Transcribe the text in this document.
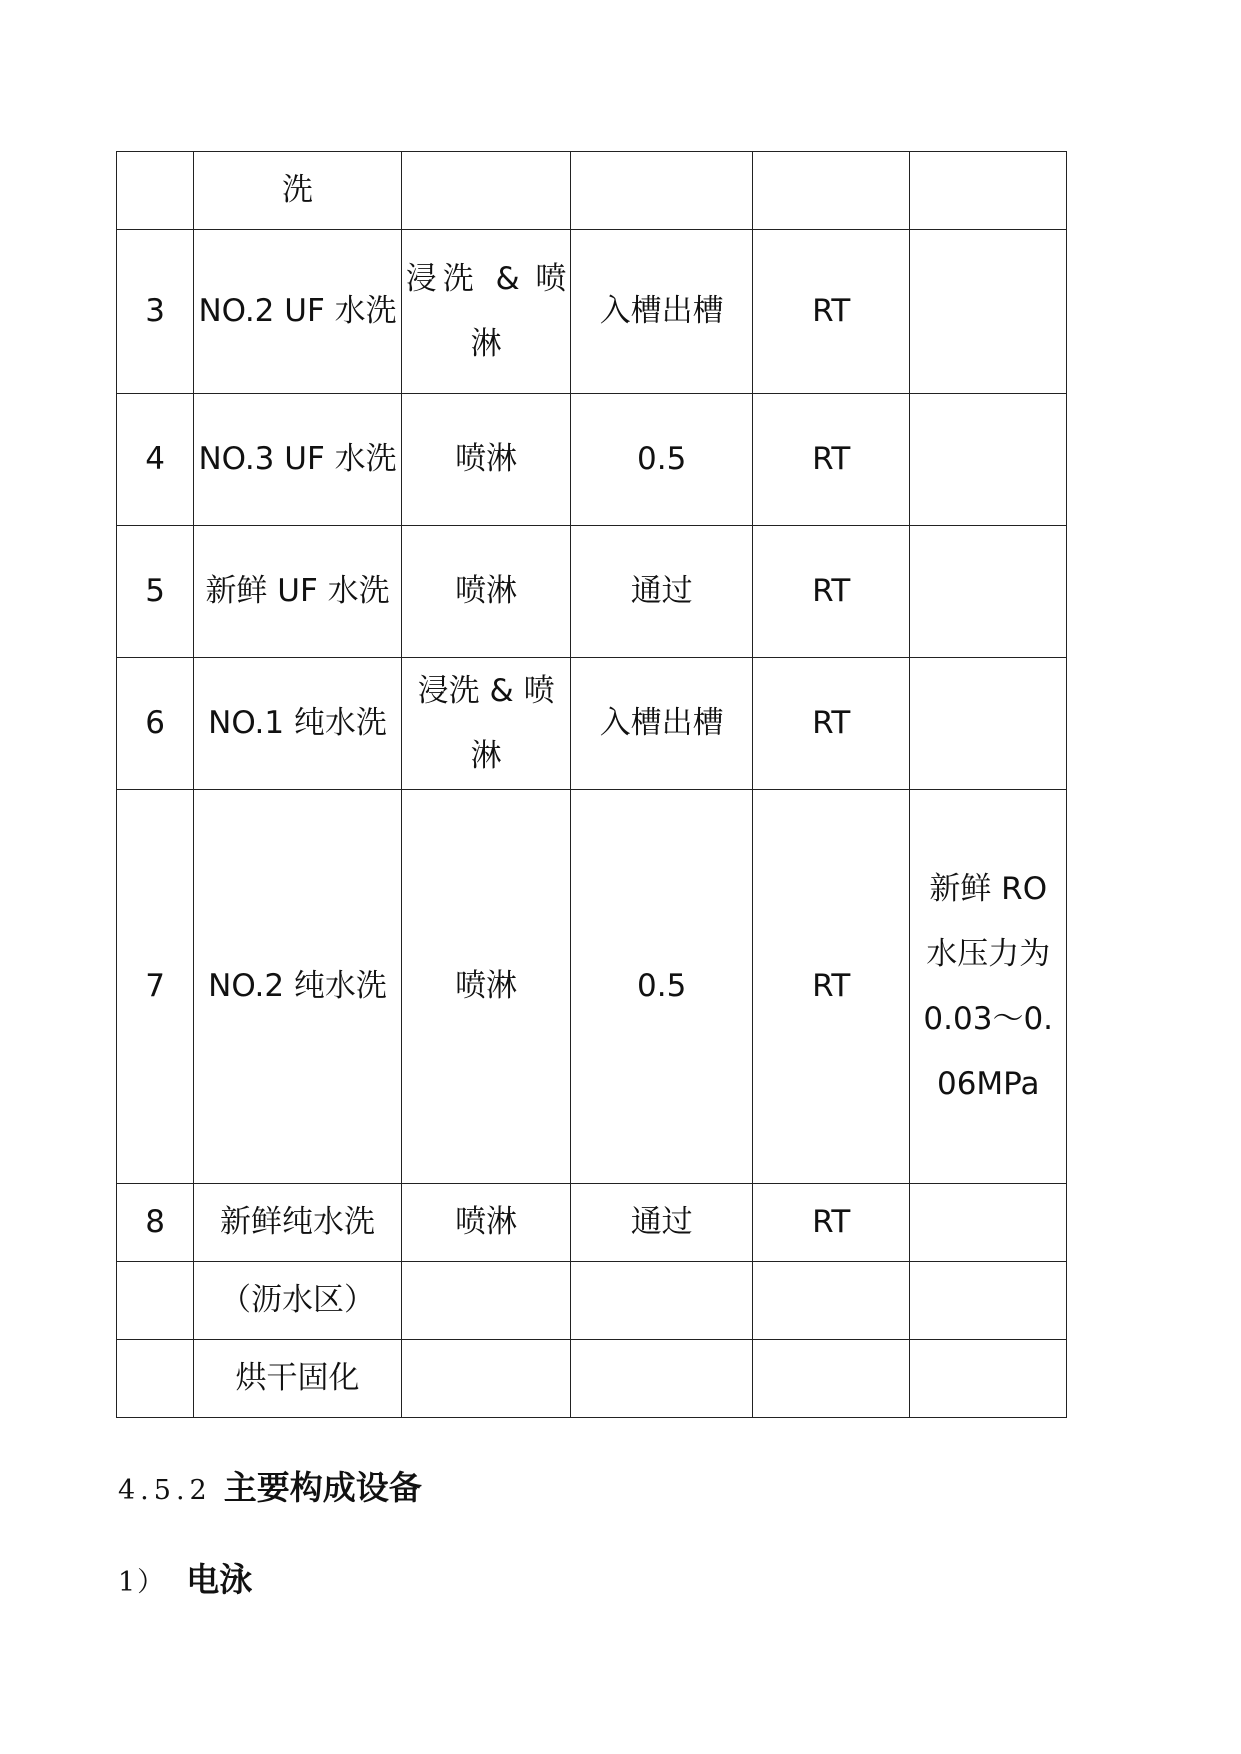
	洗				
3	NO.2 UF 水洗	浸洗 & 喷淋	入槽出槽	RT	
4	NO.3 UF 水洗	喷淋	0.5	RT	
5	新鲜 UF 水洗	喷淋	通过	RT	
6	NO.1 纯水洗	浸洗 & 喷淋	入槽出槽	RT	
7	NO.2 纯水洗	喷淋	0.5	RT	新鲜 RO 水压力为 0.03～0.06MPa
8	新鲜纯水洗	喷淋	通过	RT	
	（沥水区）				
	烘干固化				
4.5.2 主要构成设备
1） 电泳
